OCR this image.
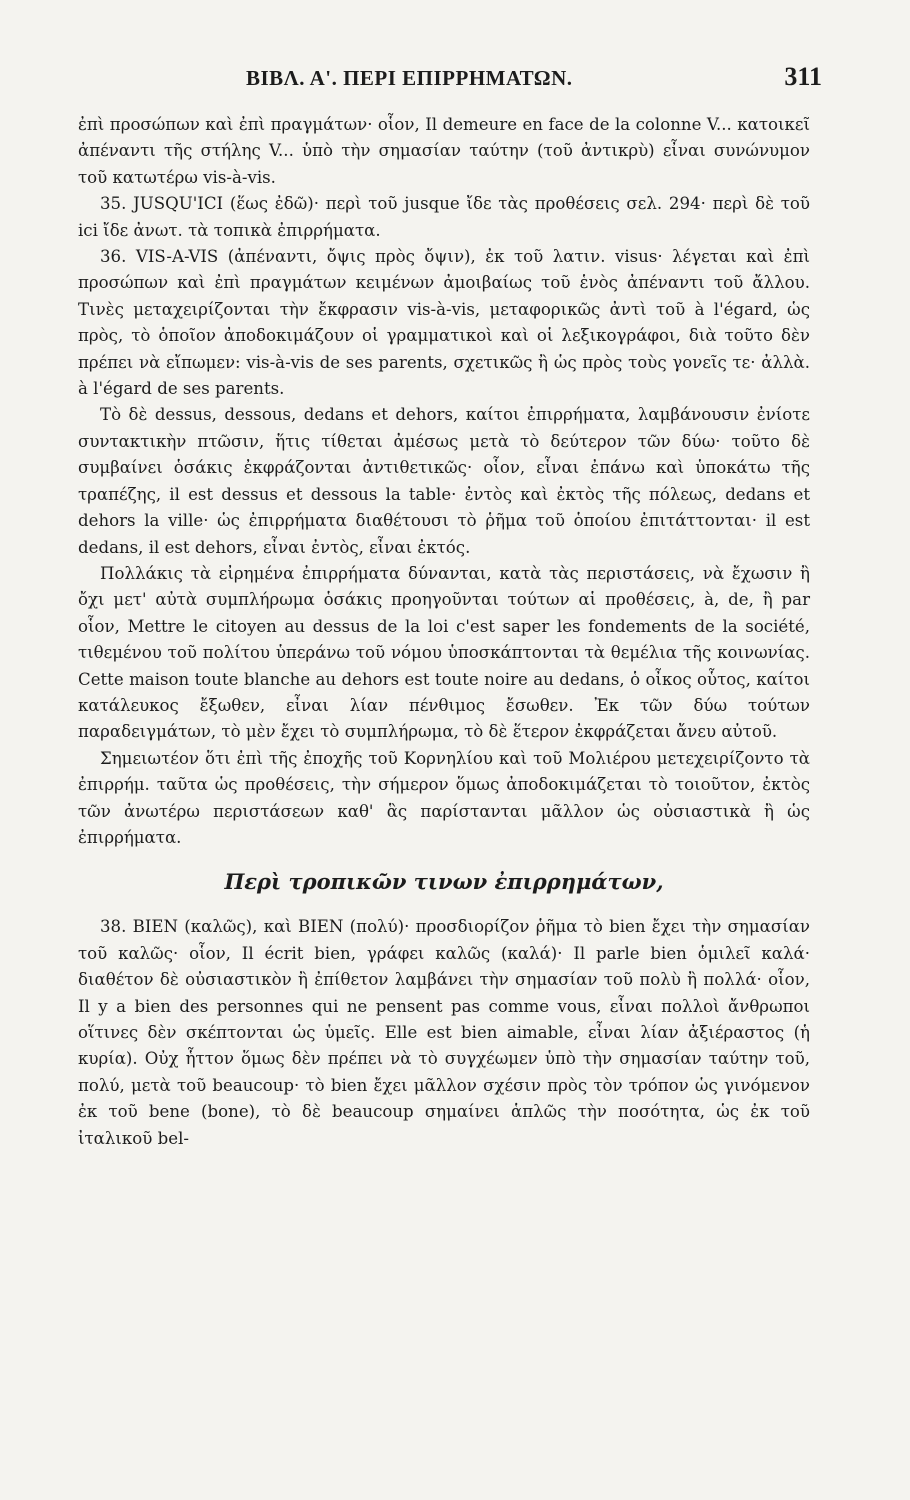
ΒΙΒΛ. Α'. ΠΕΡΙ ΕΠΙΡΡΗΜΑΤΩΝ.	311

ἐπὶ προσώπων καὶ ἐπὶ πραγμάτων· οἷον, Il demeure en face de la colonne V... κατοικεῖ ἀπέναντι τῆς στήλης V... ὑπὸ τὴν σημασίαν ταύτην (τοῦ ἀντικρὺ) εἶναι συνώνυμον τοῦ κατωτέρω vis-à-vis.

35. JUSQU'ICI (ἕως ἐδῶ)· περὶ τοῦ jusque ἴδε τὰς προθέσεις σελ. 294· περὶ δὲ τοῦ ici ἴδε ἀνωτ. τὰ τοπικὰ ἐπιρρήματα.

36. VIS-A-VIS (ἀπέναντι, ὄψις πρὸς ὄψιν), ἐκ τοῦ λατιν. visus· λέγεται καὶ ἐπὶ προσώπων καὶ ἐπὶ πραγμάτων κειμένων ἀμοιβαίως τοῦ ἑνὸς ἀπέναντι τοῦ ἄλλου. Τινὲς μεταχειρίζονται τὴν ἔκφρασιν vis-à-vis, μεταφορικῶς ἀντὶ τοῦ à l'égard, ὡς πρὸς, τὸ ὁποῖον ἀποδοκιμάζουν οἱ γραμματικοὶ καὶ οἱ λεξικογράφοι, διὰ τοῦτο δὲν πρέπει νὰ εἴπωμεν: vis-à-vis de ses parents, σχετικῶς ἢ ὡς πρὸς τοὺς γονεῖς τε· ἀλλὰ. à l'égard de ses parents.

Τὸ δὲ dessus, dessous, dedans et dehors, καίτοι ἐπιρρήματα, λαμβάνουσιν ἐνίοτε συντακτικὴν πτῶσιν, ἥτις τίθεται ἀμέσως μετὰ τὸ δεύτερον τῶν δύω· τοῦτο δὲ συμβαίνει ὁσάκις ἐκφράζονται ἀντιθετικῶς· οἷον, εἶναι ἐπάνω καὶ ὑποκάτω τῆς τραπέζης, il est dessus et dessous la table· ἐντὸς καὶ ἐκτὸς τῆς πόλεως, dedans et dehors la ville· ὡς ἐπιρρήματα διαθέτουσι τὸ ῥῆμα τοῦ ὁποίου ἐπιτάττονται· il est dedans, il est dehors, εἶναι ἐντὸς, εἶναι ἐκτός.

Πολλάκις τὰ εἰρημένα ἐπιρρήματα δύνανται, κατὰ τὰς περιστάσεις, νὰ ἔχωσιν ἢ ὄχι μετ' αὐτὰ συμπλήρωμα ὁσάκις προηγοῦνται τούτων αἱ προθέσεις, à, de, ἢ par οἷον, Mettre le citoyen au dessus de la loi c'est saper les fondements de la société, τιθεμένου τοῦ πολίτου ὑπεράνω τοῦ νόμου ὑποσκάπτονται τὰ θεμέλια τῆς κοινωνίας. Cette maison toute blanche au dehors est toute noire au dedans, ὁ οἶκος οὗτος, καίτοι κατάλευκος ἔξωθεν, εἶναι λίαν πένθιμος ἔσωθεν. Ἐκ τῶν δύω τούτων παραδειγμάτων, τὸ μὲν ἔχει τὸ συμπλήρωμα, τὸ δὲ ἕτερον ἐκφράζεται ἄνευ αὐτοῦ.

Σημειωτέον ὅτι ἐπὶ τῆς ἐποχῆς τοῦ Κορνηλίου καὶ τοῦ Μολιέρου μετεχειρίζοντο τὰ ἐπιρρήμ. ταῦτα ὡς προθέσεις, τὴν σήμερον ὅμως ἀποδοκιμάζεται τὸ τοιοῦτον, ἐκτὸς τῶν ἀνωτέρω περιστάσεων καθ' ἃς παρίστανται μᾶλλον ὡς οὐσιαστικὰ ἢ ὡς ἐπιρρήματα.

Περὶ τροπικῶν τινων ἐπιρρημάτων,

38. BIEN (καλῶς), καὶ BIEN (πολύ)· προσδιορίζον ῥῆμα τὸ bien ἔχει τὴν σημασίαν τοῦ καλῶς· οἷον, Il écrit bien, γράφει καλῶς (καλά)· Il parle bien ὁμιλεῖ καλά· διαθέτον δὲ οὐσιαστικὸν ἢ ἐπίθετον λαμβάνει τὴν σημασίαν τοῦ πολὺ ἢ πολλά· οἷον, Il y a bien des personnes qui ne pensent pas comme vous, εἶναι πολλοὶ ἄνθρωποι οἵτινες δὲν σκέπτονται ὡς ὑμεῖς. Elle est bien aimable, εἶναι λίαν ἀξιέραστος (ἡ κυρία). Οὐχ ἧττον ὅμως δὲν πρέπει νὰ τὸ συγχέωμεν ὑπὸ τὴν σημασίαν ταύτην τοῦ, πολύ, μετὰ τοῦ beaucoup· τὸ bien ἔχει μᾶλλον σχέσιν πρὸς τὸν τρόπον ὡς γινόμενον ἐκ τοῦ bene (bone), τὸ δὲ beaucoup σημαίνει ἁπλῶς τὴν ποσότητα, ὡς ἐκ τοῦ ἰταλικοῦ bel-
